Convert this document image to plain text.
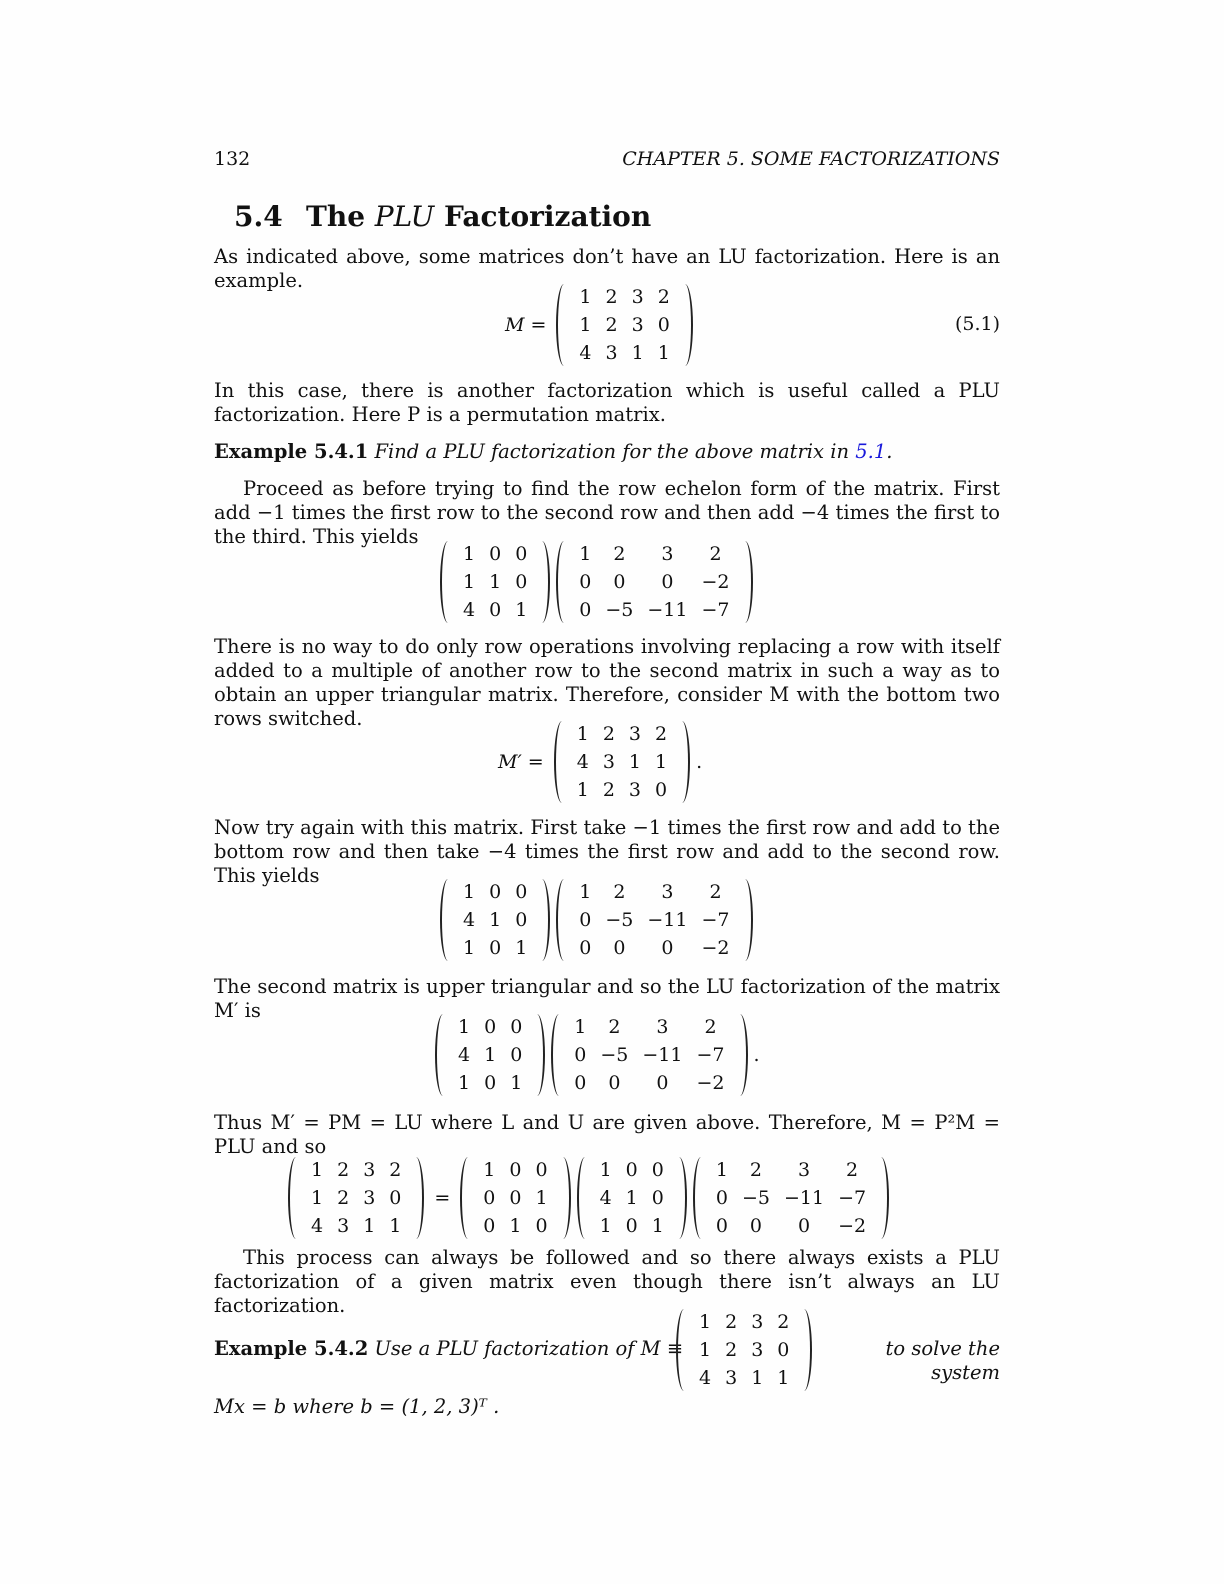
132	CHAPTER 5. SOME FACTORIZATIONS
5.4 The PLU Factorization
As indicated above, some matrices don’t have an LU factorization. Here is an example.
M =
1	2	3	2
1	2	3	0
4	3	1	1
(5.1)
In this case, there is another factorization which is useful called a PLU factorization. Here P is a permutation matrix.
Example 5.4.1 Find a PLU factorization for the above matrix in 5.1.
Proceed as before trying to find the row echelon form of the matrix. First add −1 times the first row to the second row and then add −4 times the first to the third. This yields
1	0	0
1	1	0
4	0	1
1	2	3	2
0	0	0	−2
0	−5	−11	−7
There is no way to do only row operations involving replacing a row with itself added to a multiple of another row to the second matrix in such a way as to obtain an upper triangular matrix. Therefore, consider M with the bottom two rows switched.
M′ =
1	2	3	2
4	3	1	1
1	2	3	0
.
Now try again with this matrix. First take −1 times the first row and add to the bottom row and then take −4 times the first row and add to the second row. This yields
1	0	0
4	1	0
1	0	1
1	2	3	2
0	−5	−11	−7
0	0	0	−2
The second matrix is upper triangular and so the LU factorization of the matrix M′ is
1	0	0
4	1	0
1	0	1
1	2	3	2
0	−5	−11	−7
0	0	0	−2
.
Thus M′ = PM = LU where L and U are given above. Therefore, M = P²M = PLU and so
1	2	3	2
1	2	3	0
4	3	1	1
=
1	0	0
0	0	1
0	1	0
1	0	0
4	1	0
1	0	1
1	2	3	2
0	−5	−11	−7
0	0	0	−2
This process can always be followed and so there always exists a PLU factorization of a given matrix even though there isn’t always an LU factorization.
Example 5.4.2 Use a PLU factorization of M ≡
1	2	3	2
1	2	3	0
4	3	1	1
to solve the system
Mx = b where b = (1, 2, 3)ᵀ .
